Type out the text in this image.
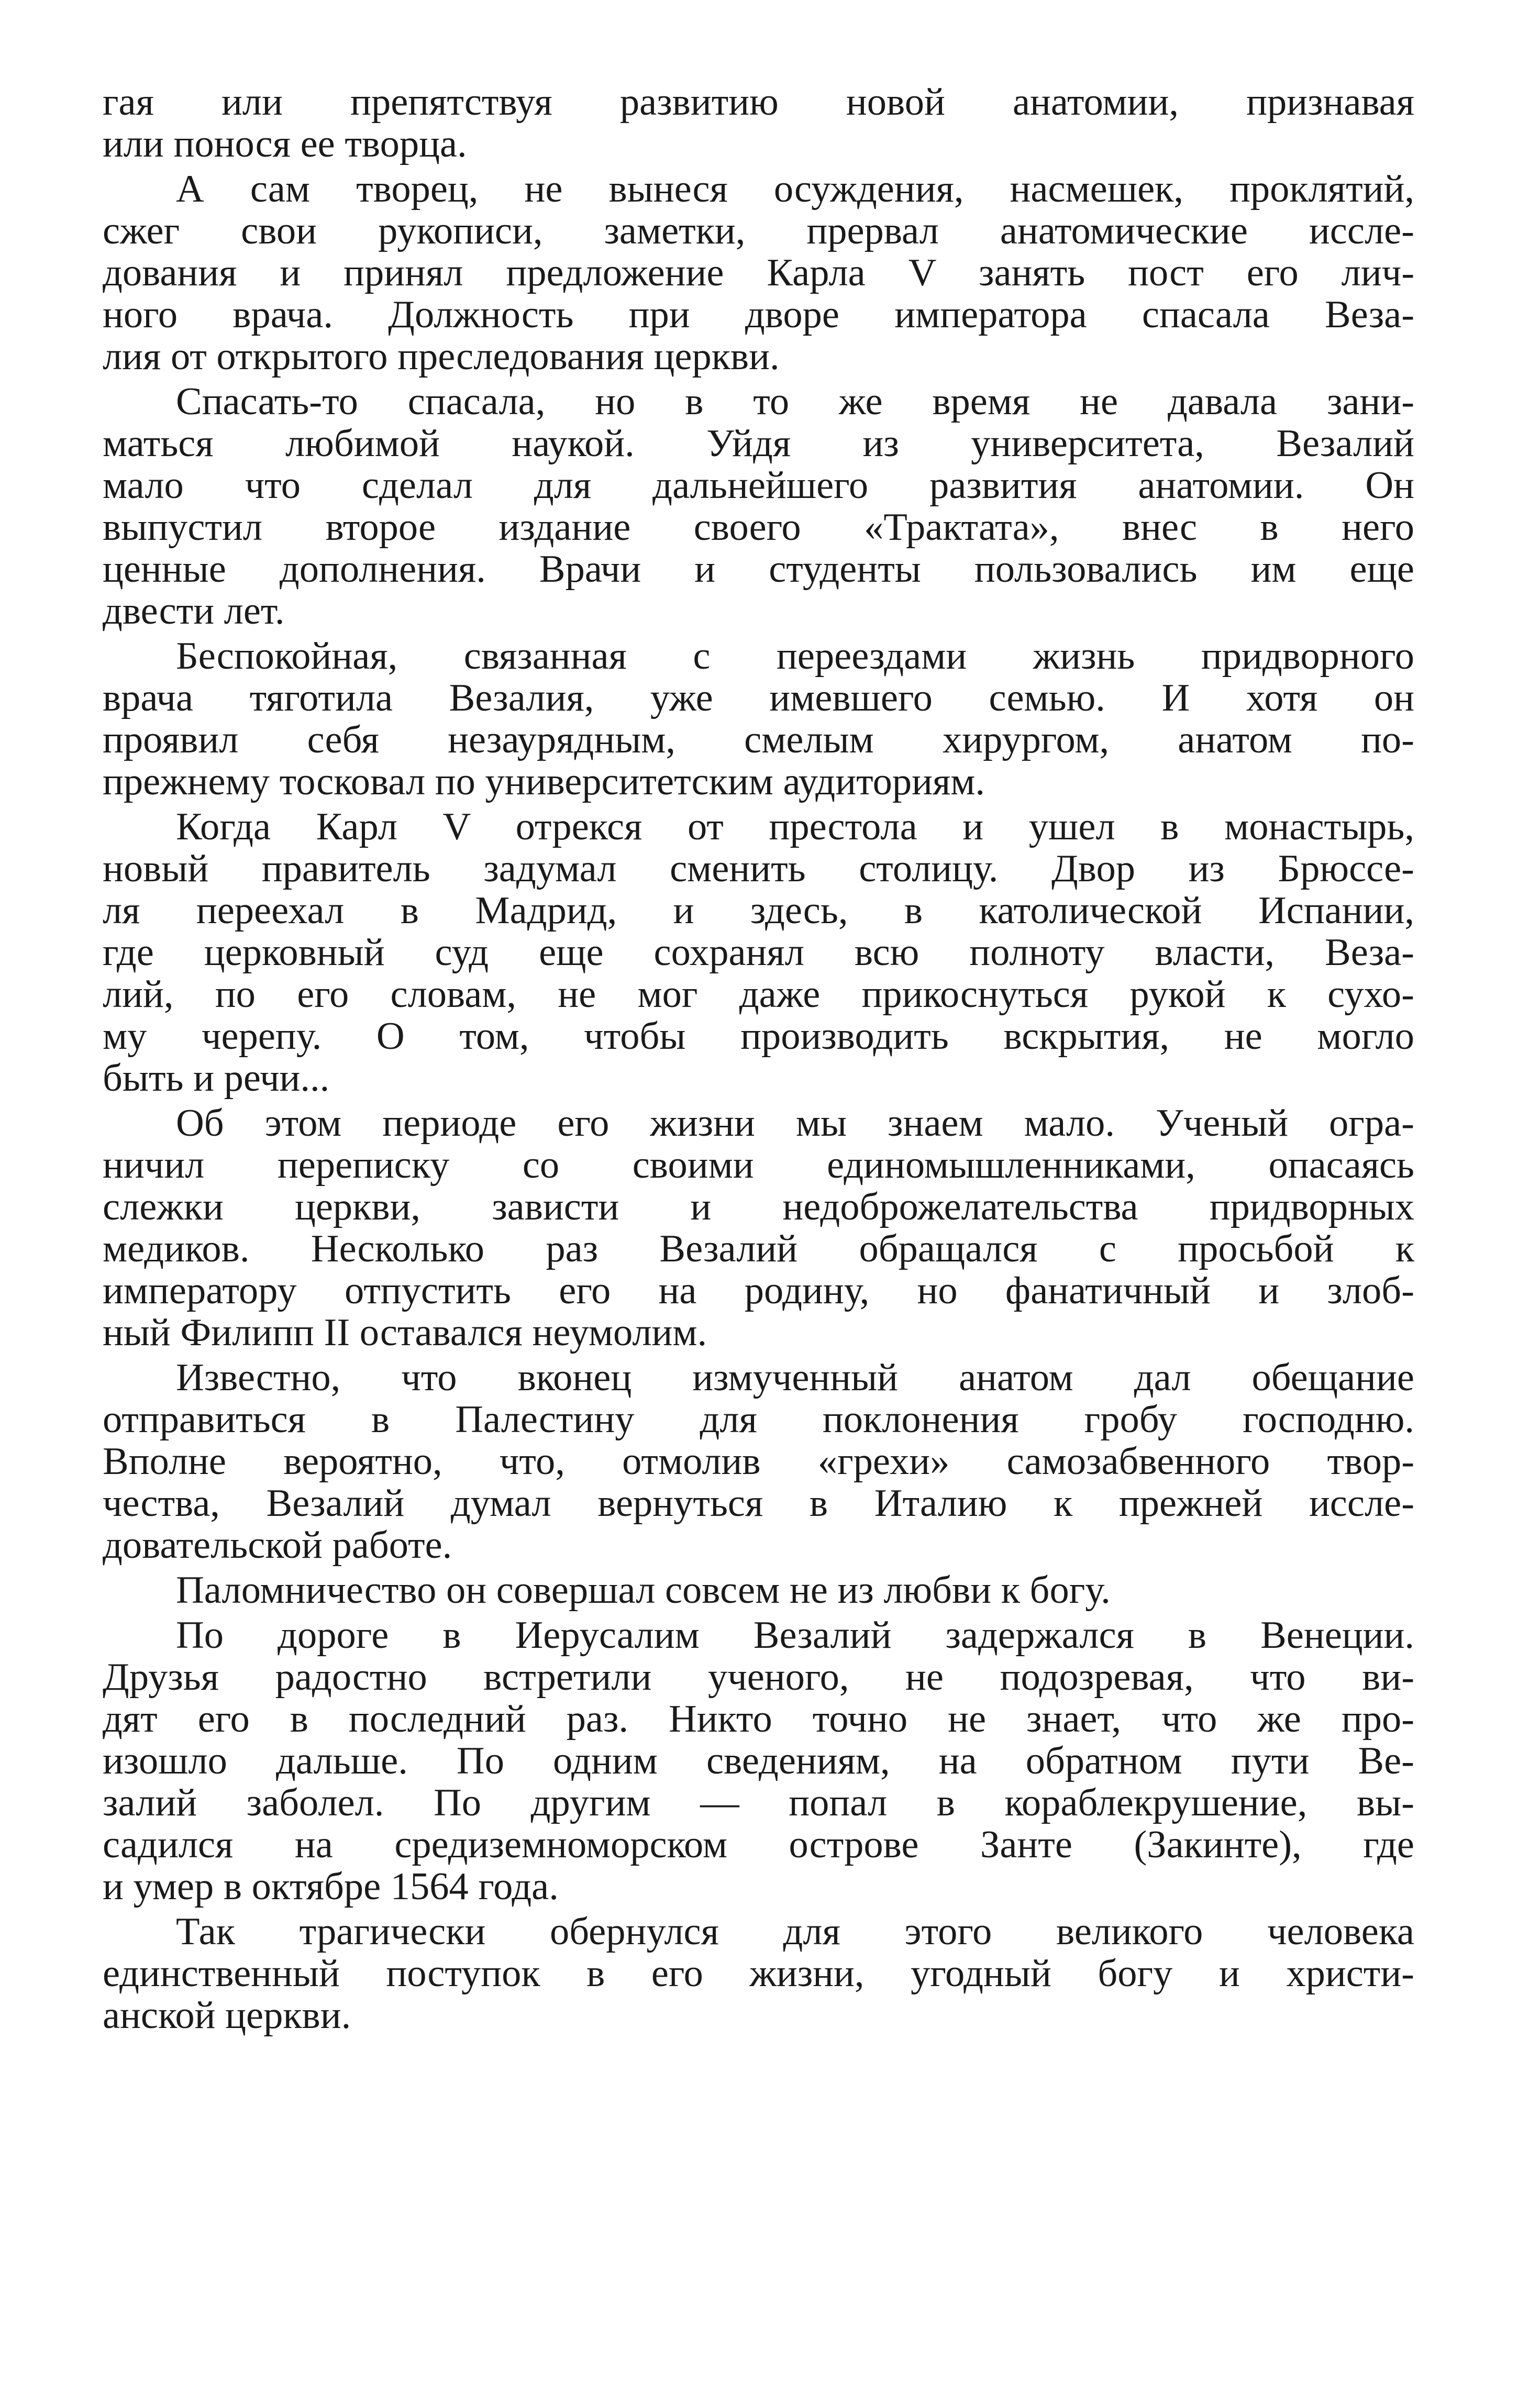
гая или препятствуя развитию новой анатомии, признавая
или понося ее творца.
А сам творец, не вынеся осуждения, насмешек, проклятий,
сжег свои рукописи, заметки, прервал анатомические иссле-
дования и принял предложение Карла V занять пост его лич-
ного врача. Должность при дворе императора спасала Веза-
лия от открытого преследования церкви.
Спасать-то спасала, но в то же время не давала зани-
маться любимой наукой. Уйдя из университета, Везалий
мало что сделал для дальнейшего развития анатомии. Он
выпустил второе издание своего «Трактата», внес в него
ценные дополнения. Врачи и студенты пользовались им еще
двести лет.
Беспокойная, связанная с переездами жизнь придворного
врача тяготила Везалия, уже имевшего семью. И хотя он
проявил себя незаурядным, смелым хирургом, анатом по-
прежнему тосковал по университетским аудиториям.
Когда Карл V отрекся от престола и ушел в монастырь,
новый правитель задумал сменить столицу. Двор из Брюссе-
ля переехал в Мадрид, и здесь, в католической Испании,
где церковный суд еще сохранял всю полноту власти, Веза-
лий, по его словам, не мог даже прикоснуться рукой к сухо-
му черепу. О том, чтобы производить вскрытия, не могло
быть и речи...
Об этом периоде его жизни мы знаем мало. Ученый огра-
ничил переписку со своими единомышленниками, опасаясь
слежки церкви, зависти и недоброжелательства придворных
медиков. Несколько раз Везалий обращался с просьбой к
императору отпустить его на родину, но фанатичный и злоб-
ный Филипп II оставался неумолим.
Известно, что вконец измученный анатом дал обещание
отправиться в Палестину для поклонения гробу господню.
Вполне вероятно, что, отмолив «грехи» самозабвенного твор-
чества, Везалий думал вернуться в Италию к прежней иссле-
довательской работе.
Паломничество он совершал совсем не из любви к богу.
По дороге в Иерусалим Везалий задержался в Венеции.
Друзья радостно встретили ученого, не подозревая, что ви-
дят его в последний раз. Никто точно не знает, что же про-
изошло дальше. По одним сведениям, на обратном пути Ве-
залий заболел. По другим — попал в кораблекрушение, вы-
садился на средиземноморском острове Занте (Закинте), где
и умер в октябре 1564 года.
Так трагически обернулся для этого великого человека
единственный поступок в его жизни, угодный богу и христи-
анской церкви.
